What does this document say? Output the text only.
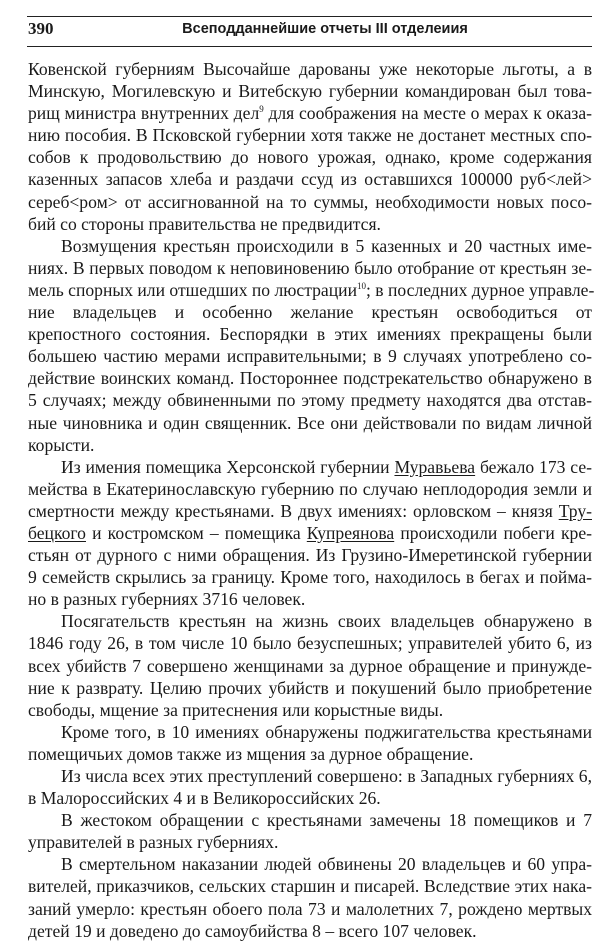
390	Всеподданнейшие отчеты III отделеиия
Ковенской губерниям Высочайше дарованы уже некоторые льготы, а в
Минскую, Могилевскую и Витебскую губернии командирован был това-
рищ министра внутренних дел$^9$ для соображения на месте о мерах к оказа-
нию пособия. В Псковской губернии хотя также не достанет местных спо-
собов к продовольствию до нового урожая, однако, кроме содержания
казенных запасов хлеба и раздачи ссуд из оставшихся 100000 руб<лей>
сереб<ром> от ассигнованной на то суммы, необходимости новых посо-
бий со стороны правительства не предвидится.
Возмущения крестьян происходили в 5 казенных и 20 частных име-
ниях. В первых поводом к неповиновению было отобрание от крестьян зе-
мель спорных или отшедших по люстрации$^{10}$; в последних дурное управле-
ние владельцев и особенно желание крестьян освободиться от
крепостного состояния. Беспорядки в этих имениях прекращены были
большею частию мерами исправительными; в 9 случаях употреблено со-
действие воинских команд. Постороннее подстрекательство обнаружено в
5 случаях; между обвиненными по этому предмету находятся два отстав-
ные чиновника и один священник. Все они действовали по видам личной
корысти.
Из имения помещика Херсонской губернии Муравьева бежало 173 се-
мейства в Екатеринославскую губернию по случаю неплодородия земли и
смертности между крестьянами. В двух имениях: орловском – князя Тру-
бецкого и костромском – помещика Купреянова происходили побеги кре-
стьян от дурного с ними обращения. Из Грузино-Имеретинской губернии
9 семейств скрылись за границу. Кроме того, находилось в бегах и пойма-
но в разных губерниях 3716 человек.
Посягательств крестьян на жизнь своих владельцев обнаружено в
1846 году 26, в том числе 10 было безуспешных; управителей убито 6, из
всех убийств 7 совершено женщинами за дурное обращение и принужде-
ние к разврату. Целию прочих убийств и покушений было приобретение
свободы, мщение за притеснения или корыстные виды.
Кроме того, в 10 имениях обнаружены поджигательства крестьянами
помещичьих домов также из мщения за дурное обращение.
Из числа всех этих преступлений совершено: в Западных губерниях 6,
в Малороссийских 4 и в Великороссийских 26.
В жестоком обращении с крестьянами замечены 18 помещиков и 7
управителей в разных губерниях.
В смертельном наказании людей обвинены 20 владельцев и 60 упра-
вителей, приказчиков, сельских старшин и писарей. Вследствие этих нака-
заний умерло: крестьян обоего пола 73 и малолетних 7, рождено мертвых
детей 19 и доведено до самоубийства 8 – всего 107 человек.
